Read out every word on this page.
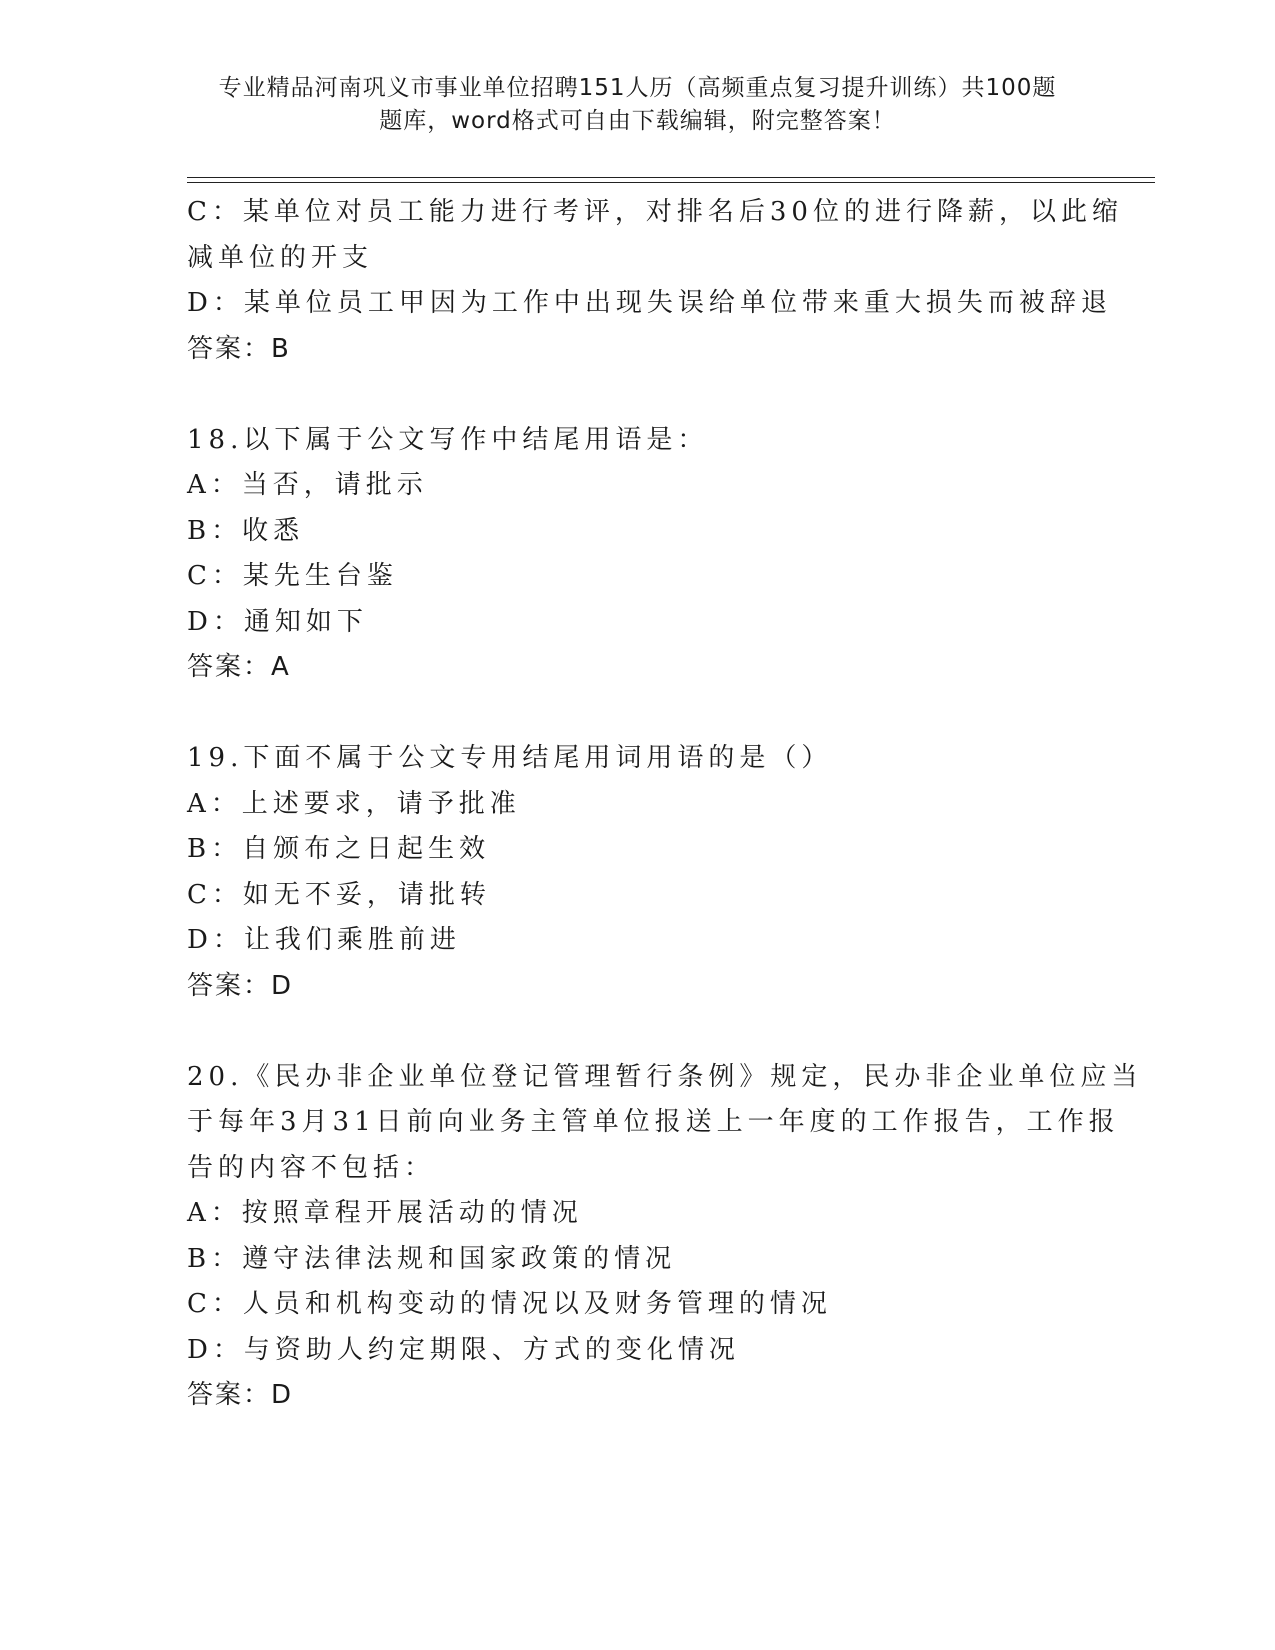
专业精品河南巩义市事业单位招聘151人历（高频重点复习提升训练）共100题

题库，word格式可自由下载编辑，附完整答案！
C：某单位对员工能力进行考评，对排名后30位的进行降薪，以此缩
减单位的开支
D：某单位员工甲因为工作中出现失误给单位带来重大损失而被辞退
答案：B
18.以下属于公文写作中结尾用语是：
A：当否，请批示
B：收悉
C：某先生台鉴
D：通知如下
答案：A
19.下面不属于公文专用结尾用词用语的是（）
A：上述要求，请予批准
B：自颁布之日起生效
C：如无不妥，请批转
D：让我们乘胜前进
答案：D
20.《民办非企业单位登记管理暂行条例》规定，民办非企业单位应当
于每年3月31日前向业务主管单位报送上一年度的工作报告，工作报
告的内容不包括：
A：按照章程开展活动的情况
B：遵守法律法规和国家政策的情况
C：人员和机构变动的情况以及财务管理的情况
D：与资助人约定期限、方式的变化情况
答案：D
